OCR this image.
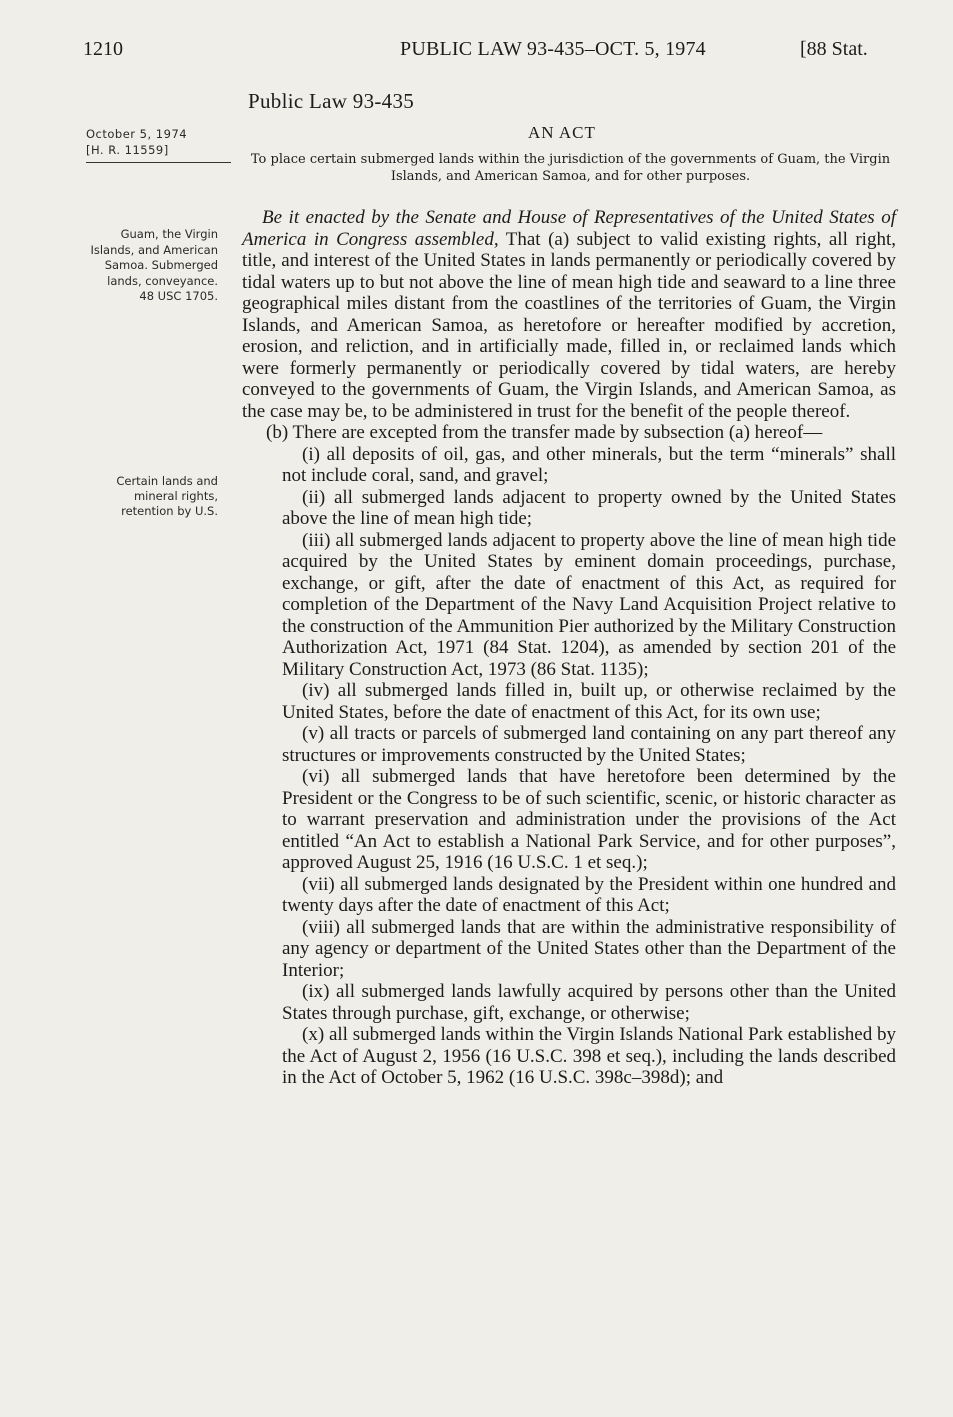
1210	PUBLIC LAW 93-435–OCT. 5, 1974	[88 Stat.
Public Law 93-435
AN ACT
October 5, 1974
[H. R. 11559]
To place certain submerged lands within the jurisdiction of the governments of Guam, the Virgin Islands, and American Samoa, and for other purposes.
Guam, the Virgin Islands, and American Samoa. Submerged lands, conveyance.
48 USC 1705.
Certain lands and mineral rights, retention by U.S.

Be it enacted by the Senate and House of Representatives of the United States of America in Congress assembled, That (a) subject to valid existing rights, all right, title, and interest of the United States in lands permanently or periodically covered by tidal waters up to but not above the line of mean high tide and seaward to a line three geographical miles distant from the coastlines of the territories of Guam, the Virgin Islands, and American Samoa, as heretofore or hereafter modified by accretion, erosion, and reliction, and in artificially made, filled in, or reclaimed lands which were formerly permanently or periodically covered by tidal waters, are hereby conveyed to the governments of Guam, the Virgin Islands, and American Samoa, as the case may be, to be administered in trust for the benefit of the people thereof.

(b) There are excepted from the transfer made by subsection (a) hereof—

(i) all deposits of oil, gas, and other minerals, but the term “minerals” shall not include coral, sand, and gravel;

(ii) all submerged lands adjacent to property owned by the United States above the line of mean high tide;

(iii) all submerged lands adjacent to property above the line of mean high tide acquired by the United States by eminent domain proceedings, purchase, exchange, or gift, after the date of enactment of this Act, as required for completion of the Department of the Navy Land Acquisition Project relative to the construction of the Ammunition Pier authorized by the Military Construction Authorization Act, 1971 (84 Stat. 1204), as amended by section 201 of the Military Construction Act, 1973 (86 Stat. 1135);

(iv) all submerged lands filled in, built up, or otherwise reclaimed by the United States, before the date of enactment of this Act, for its own use;

(v) all tracts or parcels of submerged land containing on any part thereof any structures or improvements constructed by the United States;

(vi) all submerged lands that have heretofore been determined by the President or the Congress to be of such scientific, scenic, or historic character as to warrant preservation and administration under the provisions of the Act entitled “An Act to establish a National Park Service, and for other purposes”, approved August 25, 1916 (16 U.S.C. 1 et seq.);

(vii) all submerged lands designated by the President within one hundred and twenty days after the date of enactment of this Act;

(viii) all submerged lands that are within the administrative responsibility of any agency or department of the United States other than the Department of the Interior;

(ix) all submerged lands lawfully acquired by persons other than the United States through purchase, gift, exchange, or otherwise;

(x) all submerged lands within the Virgin Islands National Park established by the Act of August 2, 1956 (16 U.S.C. 398 et seq.), including the lands described in the Act of October 5, 1962 (16 U.S.C. 398c–398d); and
